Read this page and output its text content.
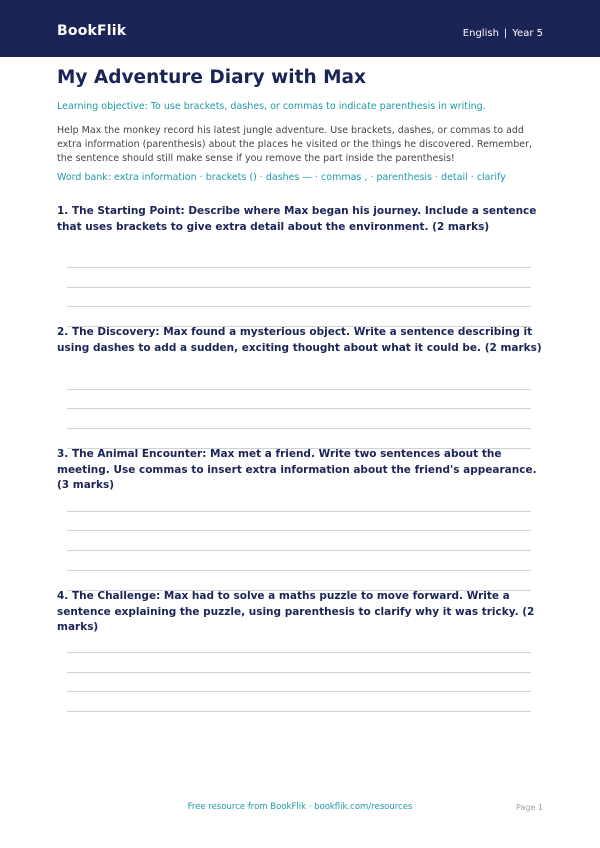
BookFlik	English | Year 5
My Adventure Diary with Max

Learning objective: To use brackets, dashes, or commas to indicate parenthesis in writing.

Help Max the monkey record his latest jungle adventure. Use brackets, dashes, or commas to add extra information (parenthesis) about the places he visited or the things he discovered. Remember, the sentence should still make sense if you remove the part inside the parenthesis!

Word bank: extra information · brackets () · dashes — · commas , · parenthesis · detail · clarify

1. The Starting Point: Describe where Max began his journey. Include a sentence that uses brackets to give extra detail about the environment. (2 marks)

2. The Discovery: Max found a mysterious object. Write a sentence describing it using dashes to add a sudden, exciting thought about what it could be. (2 marks)

3. The Animal Encounter: Max met a friend. Write two sentences about the meeting. Use commas to insert extra information about the friend's appearance. (3 marks)

4. The Challenge: Max had to solve a maths puzzle to move forward. Write a sentence explaining the puzzle, using parenthesis to clarify why it was tricky. (2 marks)

Free resource from BookFlik · bookflik.com/resources	Page 1
